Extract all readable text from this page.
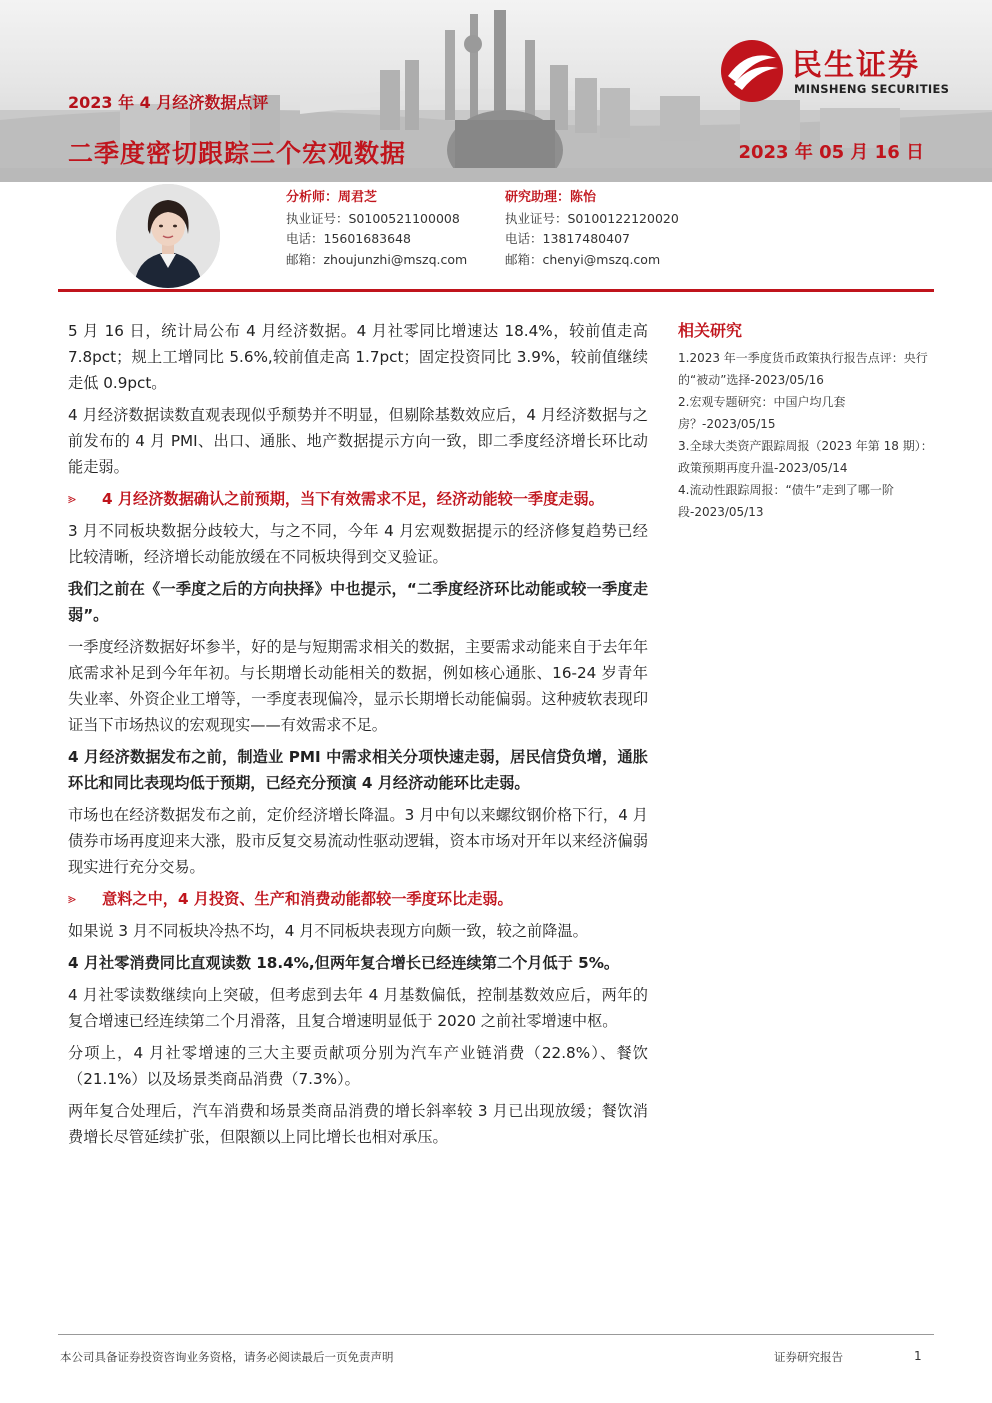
2023 年 4 月经济数据点评
二季度密切跟踪三个宏观数据	2023 年 05 月 16 日
民生证券
MINSHENG SECURITIES
分析师：周君芝
执业证号：S0100521100008
电话：15601683648
邮箱：zhoujunzhi@mszq.com
研究助理：陈怡
执业证号：S0100122120020
电话：13817480407
邮箱：chenyi@mszq.com

5 月 16 日，统计局公布 4 月经济数据。4 月社零同比增速达 18.4%，较前值走高 7.8pct；规上工增同比 5.6%,较前值走高 1.7pct；固定投资同比 3.9%，较前值继续走低 0.9pct。

4 月经济数据读数直观表现似乎颓势并不明显，但剔除基数效应后，4 月经济数据与之前发布的 4 月 PMI、出口、通胀、地产数据提示方向一致，即二季度经济增长环比动能走弱。

⪢	4 月经济数据确认之前预期，当下有效需求不足，经济动能较一季度走弱。

3 月不同板块数据分歧较大，与之不同，今年 4 月宏观数据提示的经济修复趋势已经比较清晰，经济增长动能放缓在不同板块得到交叉验证。

我们之前在《一季度之后的方向抉择》中也提示，“二季度经济环比动能或较一季度走弱”。

一季度经济数据好坏参半，好的是与短期需求相关的数据，主要需求动能来自于去年年底需求补足到今年年初。与长期增长动能相关的数据，例如核心通胀、16-24 岁青年失业率、外资企业工增等，一季度表现偏冷，显示长期增长动能偏弱。这种疲软表现印证当下市场热议的宏观现实——有效需求不足。

4 月经济数据发布之前，制造业 PMI 中需求相关分项快速走弱，居民信贷负增，通胀环比和同比表现均低于预期，已经充分预演 4 月经济动能环比走弱。

市场也在经济数据发布之前，定价经济增长降温。3 月中旬以来螺纹钢价格下行，4 月债券市场再度迎来大涨，股市反复交易流动性驱动逻辑，资本市场对开年以来经济偏弱现实进行充分交易。

⪢	意料之中，4 月投资、生产和消费动能都较一季度环比走弱。

如果说 3 月不同板块冷热不均，4 月不同板块表现方向颇一致，较之前降温。

4 月社零消费同比直观读数 18.4%,但两年复合增长已经连续第二个月低于 5%。

4 月社零读数继续向上突破，但考虑到去年 4 月基数偏低，控制基数效应后，两年的复合增速已经连续第二个月滑落，且复合增速明显低于 2020 之前社零增速中枢。

分项上，4 月社零增速的三大主要贡献项分别为汽车产业链消费（22.8%）、餐饮（21.1%）以及场景类商品消费（7.3%）。

两年复合处理后，汽车消费和场景类商品消费的增长斜率较 3 月已出现放缓；餐饮消费增长尽管延续扩张，但限额以上同比增长也相对承压。

相关研究
1.2023 年一季度货币政策执行报告点评：央行的“被动”选择-2023/05/16
2.宏观专题研究：中国户均几套房？-2023/05/15
3.全球大类资产跟踪周报（2023 年第 18 期）：政策预期再度升温-2023/05/14
4.流动性跟踪周报：“债牛”走到了哪一阶段-2023/05/13
本公司具备证券投资咨询业务资格，请务必阅读最后一页免责声明	证券研究报告	1
